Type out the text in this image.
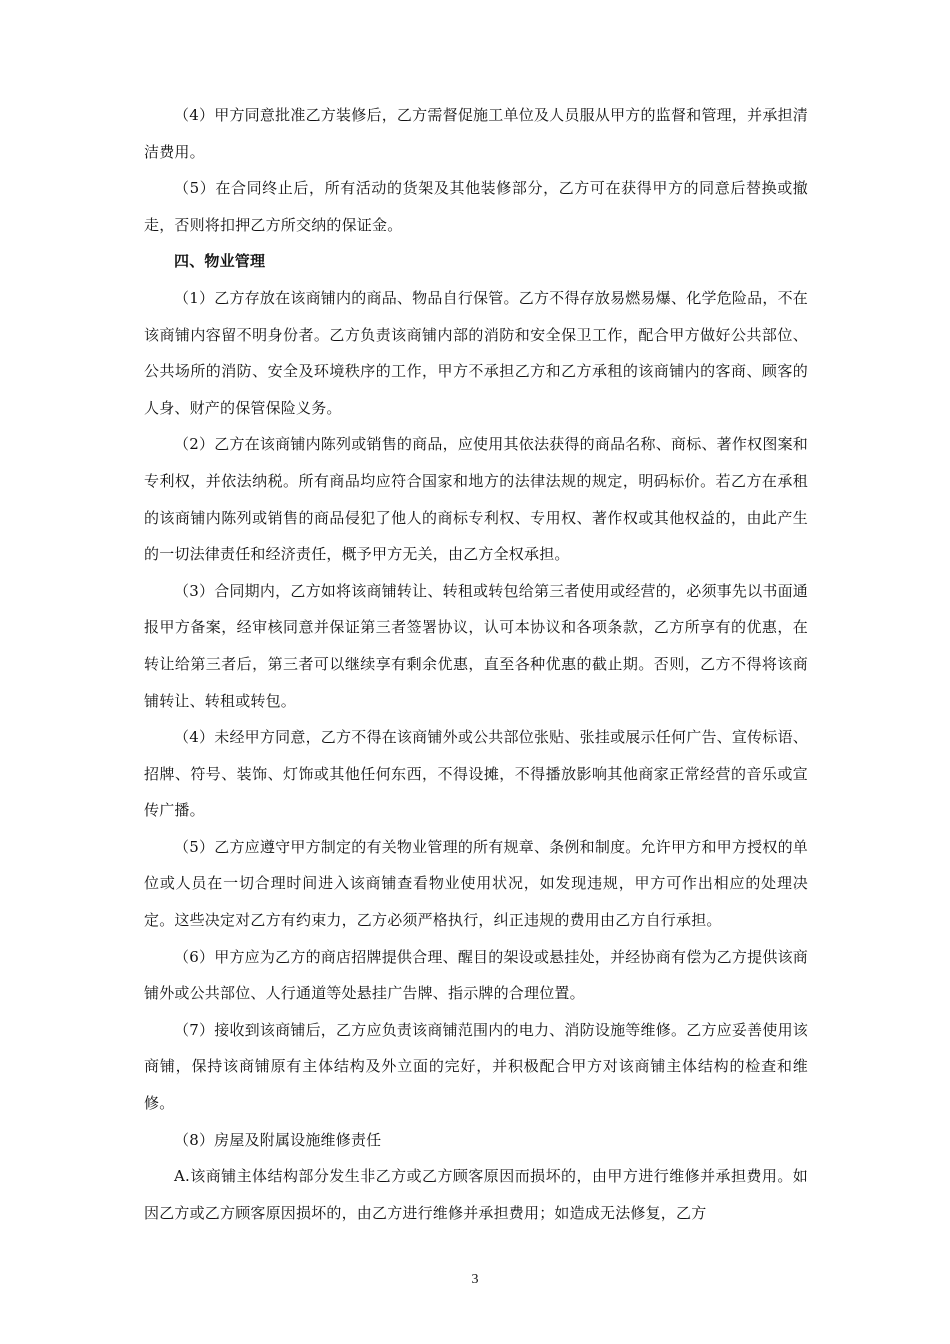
（4）甲方同意批准乙方装修后，乙方需督促施工单位及人员服从甲方的监督和管理，并承担清洁费用。

（5）在合同终止后，所有活动的货架及其他装修部分，乙方可在获得甲方的同意后替换或撤走，否则将扣押乙方所交纳的保证金。

四、物业管理

（1）乙方存放在该商铺内的商品、物品自行保管。乙方不得存放易燃易爆、化学危险品，不在该商铺内容留不明身份者。乙方负责该商铺内部的消防和安全保卫工作，配合甲方做好公共部位、公共场所的消防、安全及环境秩序的工作，甲方不承担乙方和乙方承租的该商铺内的客商、顾客的人身、财产的保管保险义务。

（2）乙方在该商铺内陈列或销售的商品，应使用其依法获得的商品名称、商标、著作权图案和专利权，并依法纳税。所有商品均应符合国家和地方的法律法规的规定，明码标价。若乙方在承租的该商铺内陈列或销售的商品侵犯了他人的商标专利权、专用权、著作权或其他权益的，由此产生的一切法律责任和经济责任，概予甲方无关，由乙方全权承担。

（3）合同期内，乙方如将该商铺转让、转租或转包给第三者使用或经营的，必须事先以书面通报甲方备案，经审核同意并保证第三者签署协议，认可本协议和各项条款，乙方所享有的优惠，在转让给第三者后，第三者可以继续享有剩余优惠，直至各种优惠的截止期。否则，乙方不得将该商铺转让、转租或转包。

（4）未经甲方同意，乙方不得在该商铺外或公共部位张贴、张挂或展示任何广告、宣传标语、招牌、符号、装饰、灯饰或其他任何东西，不得设摊，不得播放影响其他商家正常经营的音乐或宣传广播。

（5）乙方应遵守甲方制定的有关物业管理的所有规章、条例和制度。允许甲方和甲方授权的单位或人员在一切合理时间进入该商铺查看物业使用状况，如发现违规，甲方可作出相应的处理决定。这些决定对乙方有约束力，乙方必须严格执行，纠正违规的费用由乙方自行承担。

（6）甲方应为乙方的商店招牌提供合理、醒目的架设或悬挂处，并经协商有偿为乙方提供该商铺外或公共部位、人行通道等处悬挂广告牌、指示牌的合理位置。

（7）接收到该商铺后，乙方应负责该商铺范围内的电力、消防设施等维修。乙方应妥善使用该商铺，保持该商铺原有主体结构及外立面的完好，并积极配合甲方对该商铺主体结构的检查和维修。

（8）房屋及附属设施维修责任

A.该商铺主体结构部分发生非乙方或乙方顾客原因而损坏的，由甲方进行维修并承担费用。如因乙方或乙方顾客原因损坏的，由乙方进行维修并承担费用；如造成无法修复，乙方

3
